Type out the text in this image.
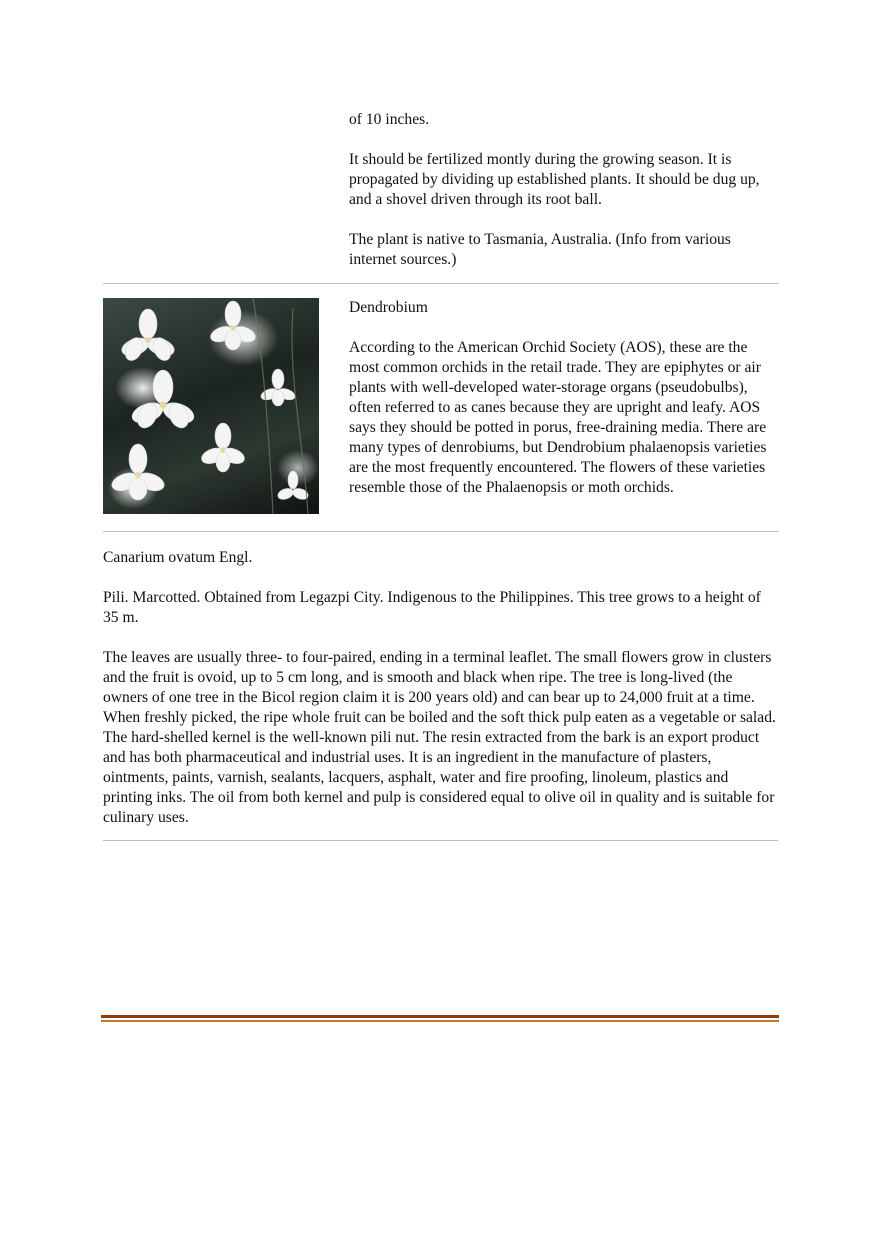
of 10 inches.

It should be fertilized montly during the growing season. It is propagated by dividing up established plants. It should be dug up, and a shovel driven through its root ball.

The plant is native to Tasmania, Australia. (Info from various internet sources.)

Dendrobium

According to the American Orchid Society (AOS), these are the most common orchids in the retail trade. They are epiphytes or air plants with well-developed water-storage organs (pseudobulbs), often referred to as canes because they are upright and leafy. AOS says they should be potted in porus, free-draining media. There are many types of denrobiums, but Dendrobium phalaenopsis varieties are the most frequently encountered. The flowers of these varieties resemble those of the Phalaenopsis or moth orchids.

Canarium ovatum Engl.

Pili. Marcotted. Obtained from Legazpi City. Indigenous to the Philippines. This tree grows to a height of 35 m.

The leaves are usually three- to four-paired, ending in a terminal leaflet. The small flowers grow in clusters and the fruit is ovoid, up to 5 cm long, and is smooth and black when ripe. The tree is long-lived (the owners of one tree in the Bicol region claim it is 200 years old) and can bear up to 24,000 fruit at a time. When freshly picked, the ripe whole fruit can be boiled and the soft thick pulp eaten as a vegetable or salad. The hard-shelled kernel is the well-known pili nut. The resin extracted from the bark is an export product and has both pharmaceutical and industrial uses. It is an ingredient in the manufacture of plasters, ointments, paints, varnish, sealants, lacquers, asphalt, water and fire proofing, linoleum, plastics and printing inks. The oil from both kernel and pulp is considered equal to olive oil in quality and is suitable for culinary uses.
